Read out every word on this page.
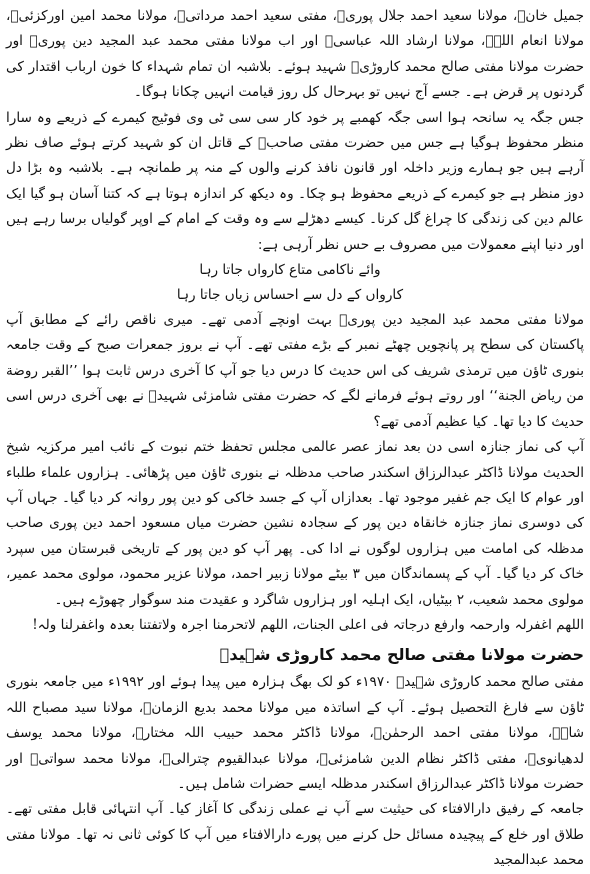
جمیل خانؒ، مولانا سعید احمد جلال پوریؒ، مفتی سعید احمد مرداتیؒ، مولانا محمد امین اورکزئیؒ، مولانا انعام اللہؒ، مولانا ارشاد اللہ عباسیؒ اور اب مولانا مفتی محمد عبد المجید دین پوریؒ اور حضرت مولانا مفتی صالح محمد کاروڑیؒ شہید ہوئے۔ بلاشبہ ان تمام شہداء کا خون ارباب اقتدار کی گردنوں پر قرض ہے۔ جسے آج نہیں تو بہرحال کل روز قیامت انہیں چکانا ہوگا۔

جس جگہ یہ سانحہ ہوا اسی جگہ کھمبے پر خود کار سی سی ٹی وی فوٹیج کیمرے کے ذریعے وہ سارا منظر محفوظ ہوگیا ہے جس میں حضرت مفتی صاحبؒ کے قاتل ان کو شہید کرتے ہوئے صاف نظر آرہے ہیں جو ہمارے وزیر داخلہ اور قانون نافذ کرنے والوں کے منہ پر طمانچہ ہے۔ بلاشبہ وہ بڑا دل دوز منظر ہے جو کیمرے کے ذریعے محفوظ ہو چکا۔ وہ دیکھ کر اندازہ ہوتا ہے کہ کتنا آسان ہو گیا ایک عالم دین کی زندگی کا چراغ گل کرنا۔ کیسے دھڑلے سے وہ وقت کے امام کے اوپر گولیاں برسا رہے ہیں اور دنیا اپنے معمولات میں مصروف بے حس نظر آرہی ہے:

وائے ناکامی متاع کارواں جاتا رہا
کارواں کے دل سے احساس زیاں جاتا رہا

مولانا مفتی محمد عبد المجید دین پوریؒ بہت اونچے آدمی تھے۔ میری ناقص رائے کے مطابق آپ پاکستان کی سطح پر پانچویں چھٹے نمبر کے بڑے مفتی تھے۔ آپ نے بروز جمعرات صبح کے وقت جامعہ بنوری ٹاؤن میں ترمذی شریف کی اس حدیث کا درس دیا جو آپ کا آخری درس ثابت ہوا ’’القبر روضة من رياض الجنة‘‘ اور روتے ہوئے فرمانے لگے کہ حضرت مفتی شامزئی شہیدؒ نے بھی آخری درس اسی حدیث کا دیا تھا۔ کیا عظیم آدمی تھے؟

آپ کی نماز جنازہ اسی دن بعد نماز عصر عالمی مجلس تحفظ ختم نبوت کے نائب امیر مرکزیہ شیخ الحدیث مولانا ڈاکٹر عبدالرزاق اسکندر صاحب مدظلہ نے بنوری ٹاؤن میں پڑھائی۔ ہزاروں علماء طلباء اور عوام کا ایک جم غفیر موجود تھا۔ بعدازاں آپ کے جسد خاکی کو دین پور روانہ کر دیا گیا۔ جہاں آپ کی دوسری نماز جنازہ خانقاہ دین پور کے سجادہ نشین حضرت میاں مسعود احمد دین پوری صاحب مدظلہ کی امامت میں ہزاروں لوگوں نے ادا کی۔ پھر آپ کو دین پور کے تاریخی قبرستان میں سپرد خاک کر دیا گیا۔ آپ کے پسماندگان میں ۳ بیٹے مولانا زبیر احمد، مولانا عزیر محمود، مولوی محمد عمیر، مولوی محمد شعیب، ۲ بیٹیاں، ایک اہلیہ اور ہزاروں شاگرد و عقیدت مند سوگوار چھوڑے ہیں۔

اللھم اغفرلہ وارحمہ وارفع درجاتہ فی اعلی الجنات، اللھم لاتحرمنا اجرہ ولاتفتنا بعدہ واغفرلنا ولہ!

حضرت مولانا مفتی صالح محمد کاروڑی شہیدؒ

مفتی صالح محمد کاروڑی شہیدؒ ۱۹۷۰ء کو لک بھگ ہزارہ میں پیدا ہوئے اور ۱۹۹۲ء میں جامعہ بنوری ٹاؤن سے فارغ التحصیل ہوئے۔ آپ کے اساتذہ میں مولانا محمد بدیع الزمانؒ، مولانا سید مصباح اللہ شاہؒ، مولانا مفتی احمد الرحمٰنؒ، مولانا ڈاکٹر محمد حبیب اللہ مختارؒ، مولانا محمد یوسف لدھیانویؒ، مفتی ڈاکٹر نظام الدین شامزئیؒ، مولانا عبدالقیوم چترالیؒ، مولانا محمد سواتیؒ اور حضرت مولانا ڈاکٹر عبدالرزاق اسکندر مدظلہ ایسے حضرات شامل ہیں۔

جامعہ کے رفیق دارالافتاء کی حیثیت سے آپ نے عملی زندگی کا آغاز کیا۔ آپ انتہائی قابل مفتی تھے۔ طلاق اور خلع کے پیچیدہ مسائل حل کرنے میں پورے دارالافتاء میں آپ کا کوئی ثانی نہ تھا۔ مولانا مفتی محمد عبدالمجید
